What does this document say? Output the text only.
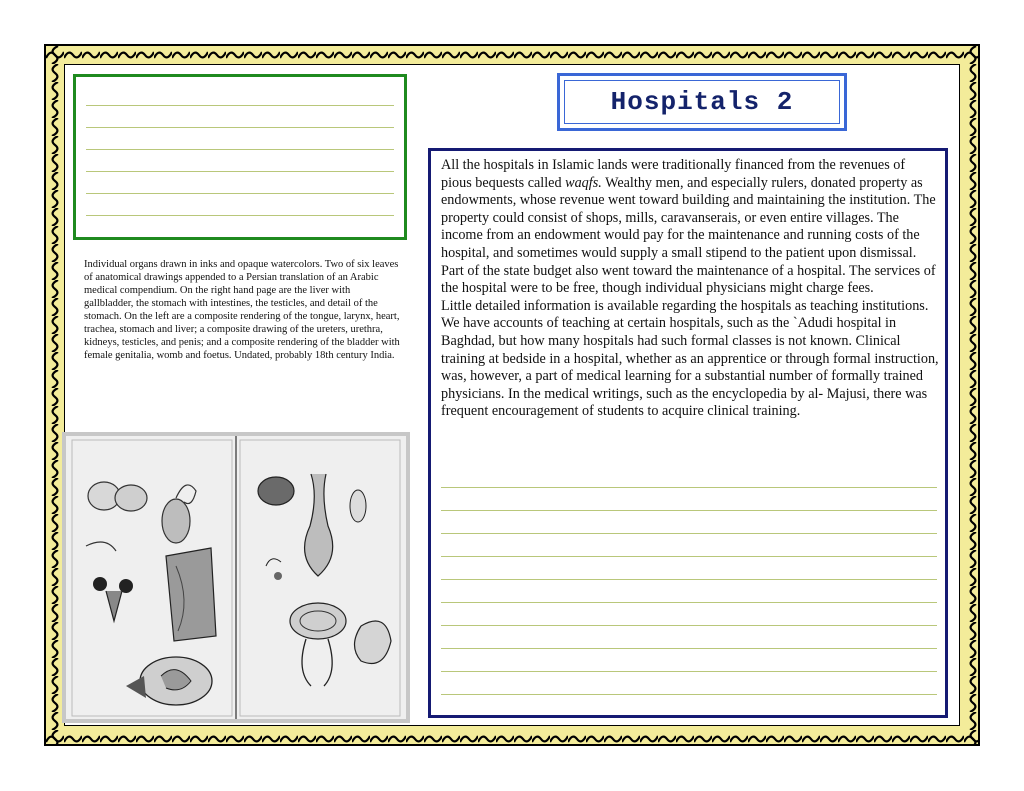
Individual organs drawn in inks and opaque watercolors. Two of six leaves of anatomical drawings appended to a Persian translation of an Arabic medical compendium. On the right hand page are the liver with gallbladder, the stomach with intestines, the testicles, and detail of the stomach. On the left are a composite rendering of the tongue, larynx, heart, trachea, stomach and liver; a composite drawing of the ureters, urethra, kidneys, testicles, and penis; and a composite rendering of the bladder with female genitalia, womb and foetus. Undated, probably 18th century India.

Hospitals 2

All the hospitals in Islamic lands were traditionally financed from the revenues of pious bequests called waqfs. Wealthy men, and especially rulers, donated property as endowments, whose revenue went toward building and maintaining the institution. The property could consist of shops, mills, caravanserais, or even entire villages. The income from an endowment would pay for the maintenance and running costs of the hospital, and sometimes would supply a small stipend to the patient upon dismissal. Part of the state budget also went toward the maintenance of a hospital. The services of the hospital were to be free, though individual physicians might charge fees.

Little detailed information is available regarding the hospitals as teaching institutions. We have accounts of teaching at certain hospitals, such as the `Adudi hospital in Baghdad, but how many hospitals had such formal classes is not known. Clinical training at bedside in a hospital, whether as an apprentice or through formal instruction, was, however, a part of medical learning for a substantial number of formally trained physicians. In the medical writings, such as the encyclopedia by al- Majusi, there was frequent encouragement of students to acquire clinical training.
